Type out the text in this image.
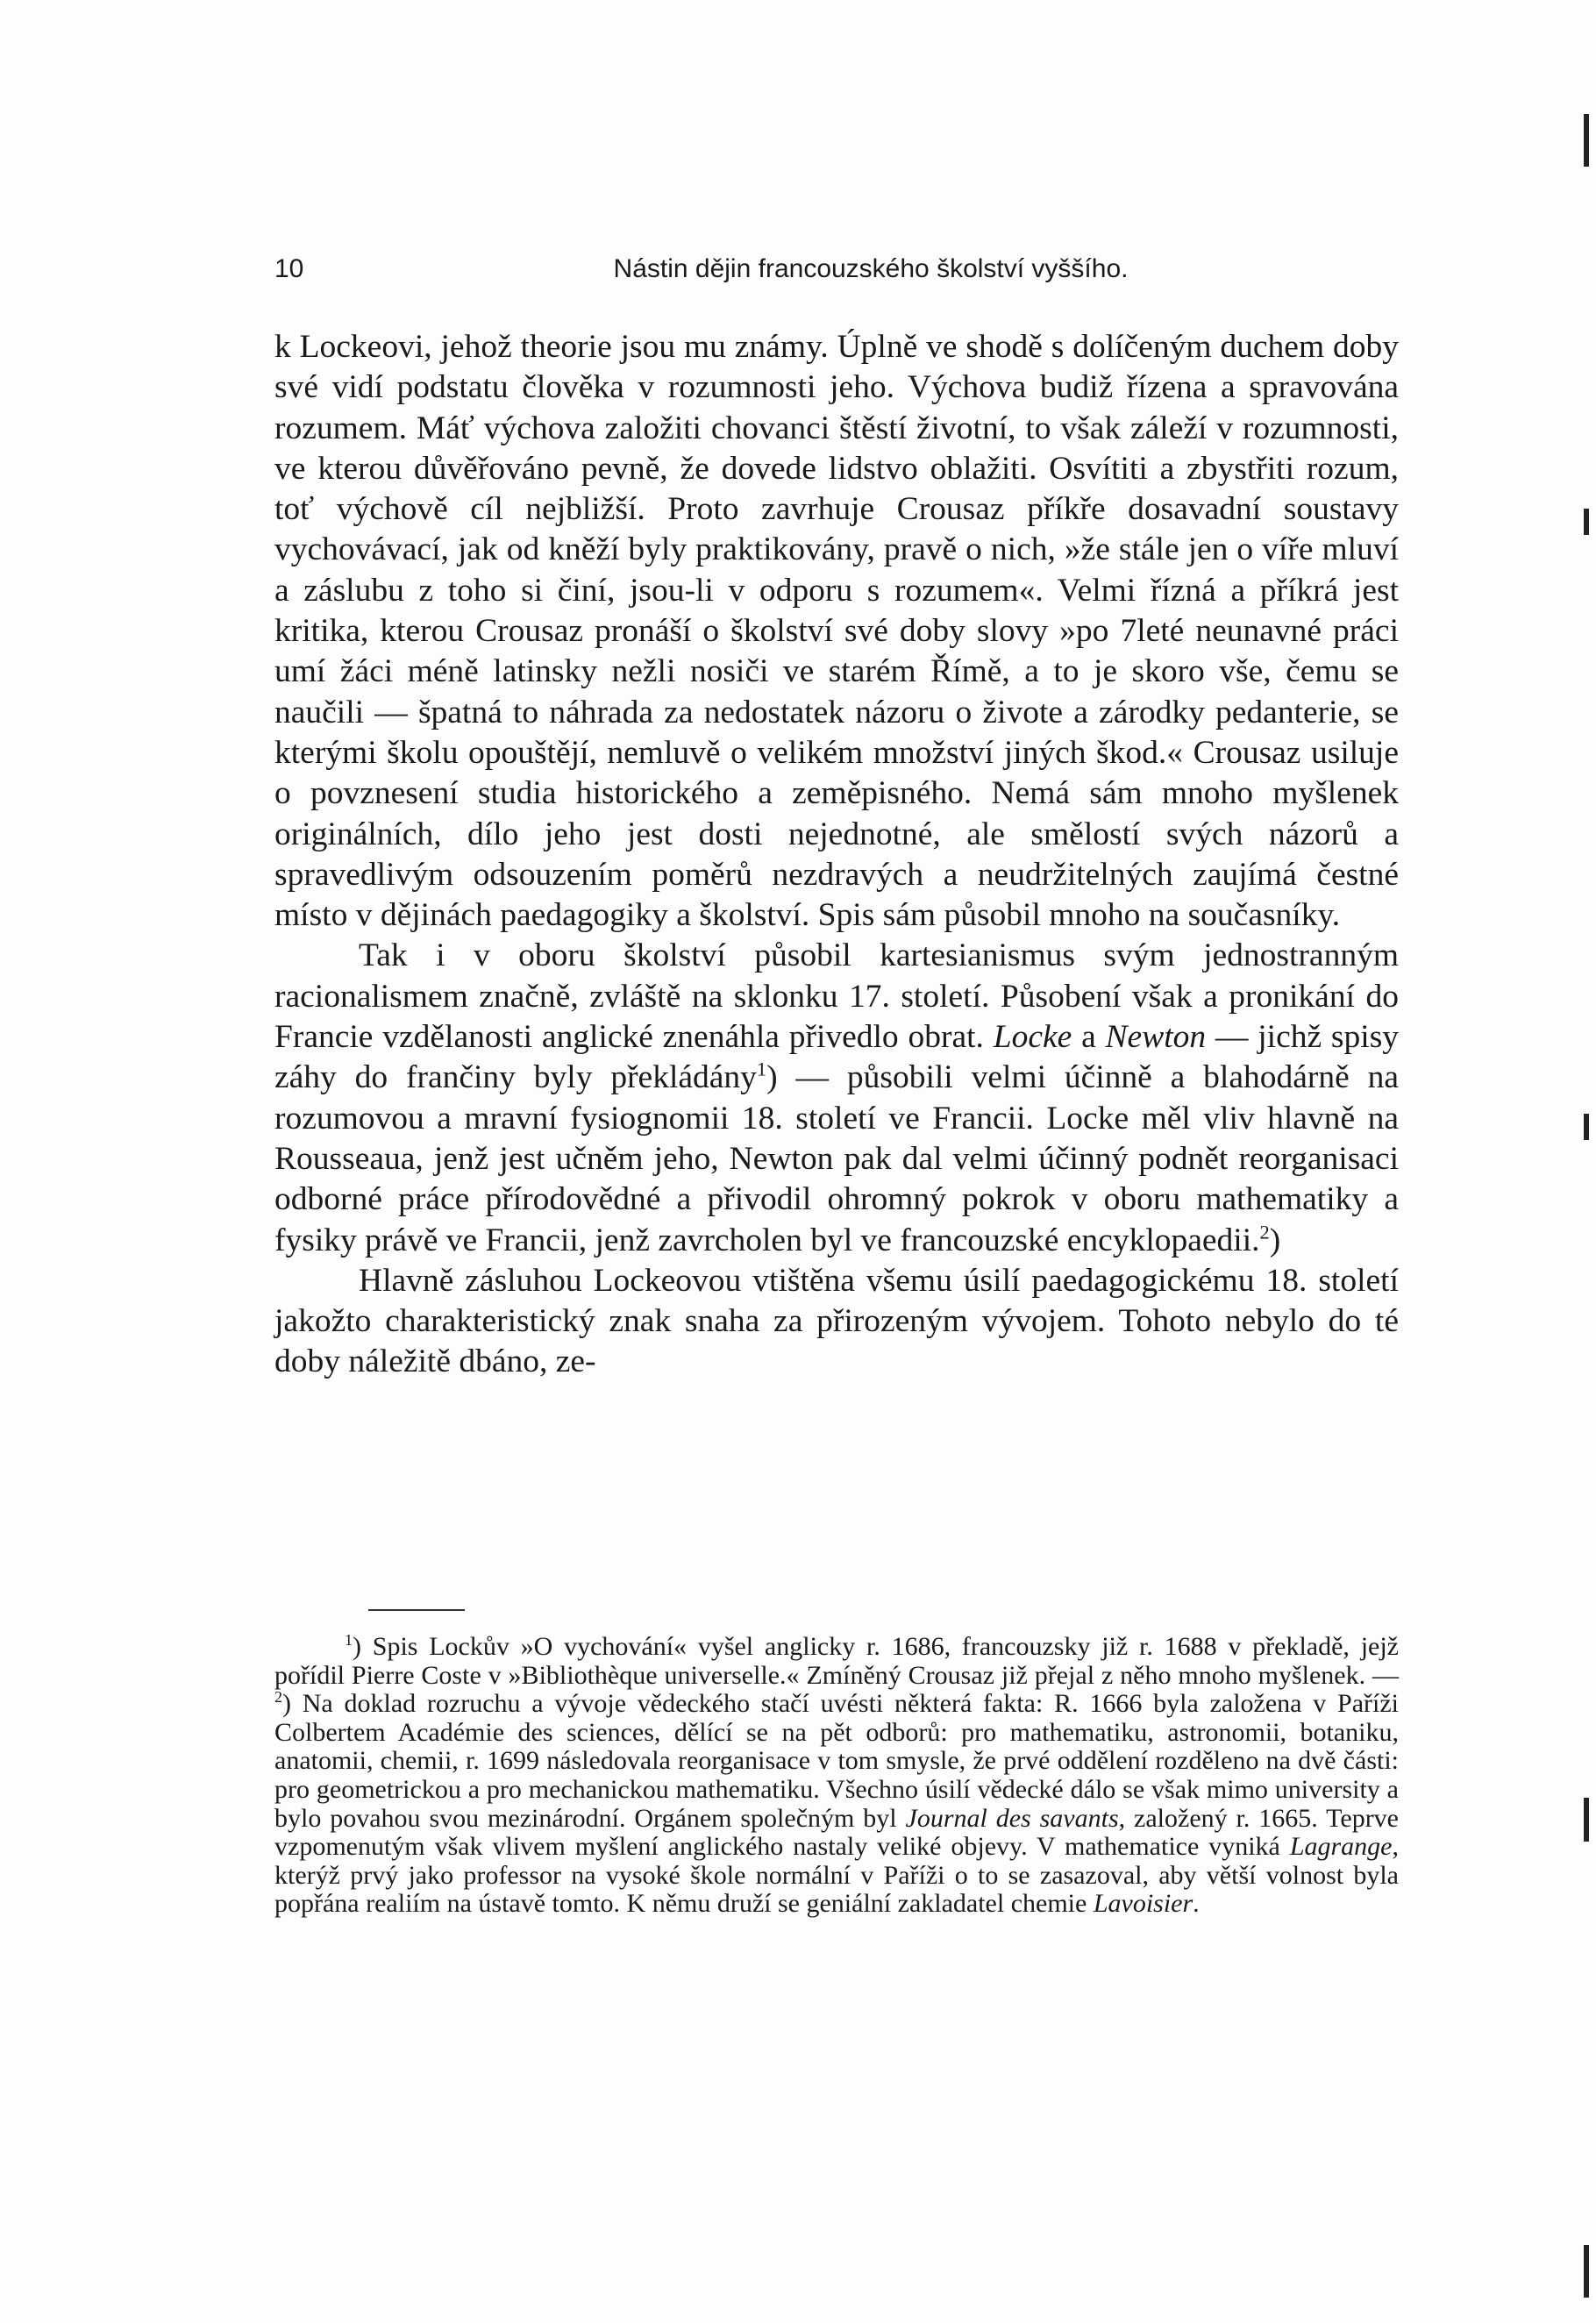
10	Nástin dějin francouzského školství vyššího.

k Lockeovi, jehož theorie jsou mu známy. Úplně ve shodě s dolíčeným duchem doby své vidí podstatu člověka v rozumnosti jeho. Výchova budiž řízena a spravována rozumem. Máť výchova založiti chovanci štěstí životní, to však záleží v rozumnosti, ve kterou důvěřováno pevně, že dovede lidstvo oblažiti. Osvítiti a zbystřiti rozum, toť výchově cíl nejbližší. Proto zavrhuje Crousaz příkře dosavadní soustavy vychovávací, jak od kněží byly praktikovány, pravě o nich, »že stále jen o víře mluví a záslubu z toho si činí, jsou-li v odporu s rozumem«. Velmi řízná a příkrá jest kritika, kterou Crousaz pronáší o školství své doby slovy »po 7leté neunavné práci umí žáci méně latinsky nežli nosiči ve starém Římě, a to je skoro vše, čemu se naučili — špatná to náhrada za nedostatek názoru o živote a zárodky pedanterie, se kterými školu opouštějí, nemluvě o velikém množství jiných škod.« Crousaz usiluje o povznesení studia historického a zeměpisného. Nemá sám mnoho myšlenek originálních, dílo jeho jest dosti nejednotné, ale smělostí svých názorů a spravedlivým odsouzením poměrů nezdravých a neudržitelných zaujímá čestné místo v dějinách paedagogiky a školství. Spis sám působil mnoho na současníky.

Tak i v oboru školství působil kartesianismus svým jednostranným racionalismem značně, zvláště na sklonku 17. století. Působení však a pronikání do Francie vzdělanosti anglické znenáhla přivedlo obrat. Locke a Newton — jichž spisy záhy do frančiny byly překládány$^1$) — působili velmi účinně a blahodárně na rozumovou a mravní fysiognomii 18. století ve Francii. Locke měl vliv hlavně na Rousseaua, jenž jest učněm jeho, Newton pak dal velmi účinný podnět reorganisaci odborné práce přírodovědné a přivodil ohromný pokrok v oboru mathematiky a fysiky právě ve Francii, jenž zavrcholen byl ve francouzské encyklopaedii.$^2$)

Hlavně zásluhou Lockeovou vtištěna všemu úsilí paedagogickému 18. století jakožto charakteristický znak snaha za přirozeným vývojem. Tohoto nebylo do té doby náležitě dbáno, ze-

$^1$) Spis Lockův »O vychování« vyšel anglicky r. 1686, francouzsky již r. 1688 v překladě, jejž pořídil Pierre Coste v »Bibliothèque universelle.« Zmíněný Crousaz již přejal z něho mnoho myšlenek. — $^2$) Na doklad rozruchu a vývoje vědeckého stačí uvésti některá fakta: R. 1666 byla založena v Paříži Colbertem Académie des sciences, dělící se na pět odborů: pro mathematiku, astronomii, botaniku, anatomii, chemii, r. 1699 následovala reorganisace v tom smysle, že prvé oddělení rozděleno na dvě části: pro geometrickou a pro mechanickou mathematiku. Všechno úsilí vědecké dálo se však mimo university a bylo povahou svou mezinárodní. Orgánem společným byl Journal des savants, založený r. 1665. Teprve vzpomenutým však vlivem myšlení anglického nastaly veliké objevy. V mathematice vyniká Lagrange, kterýž prvý jako professor na vysoké škole normální v Paříži o to se zasazoval, aby větší volnost byla popřána realiím na ústavě tomto. K němu druží se geniální zakladatel chemie Lavoisier.
